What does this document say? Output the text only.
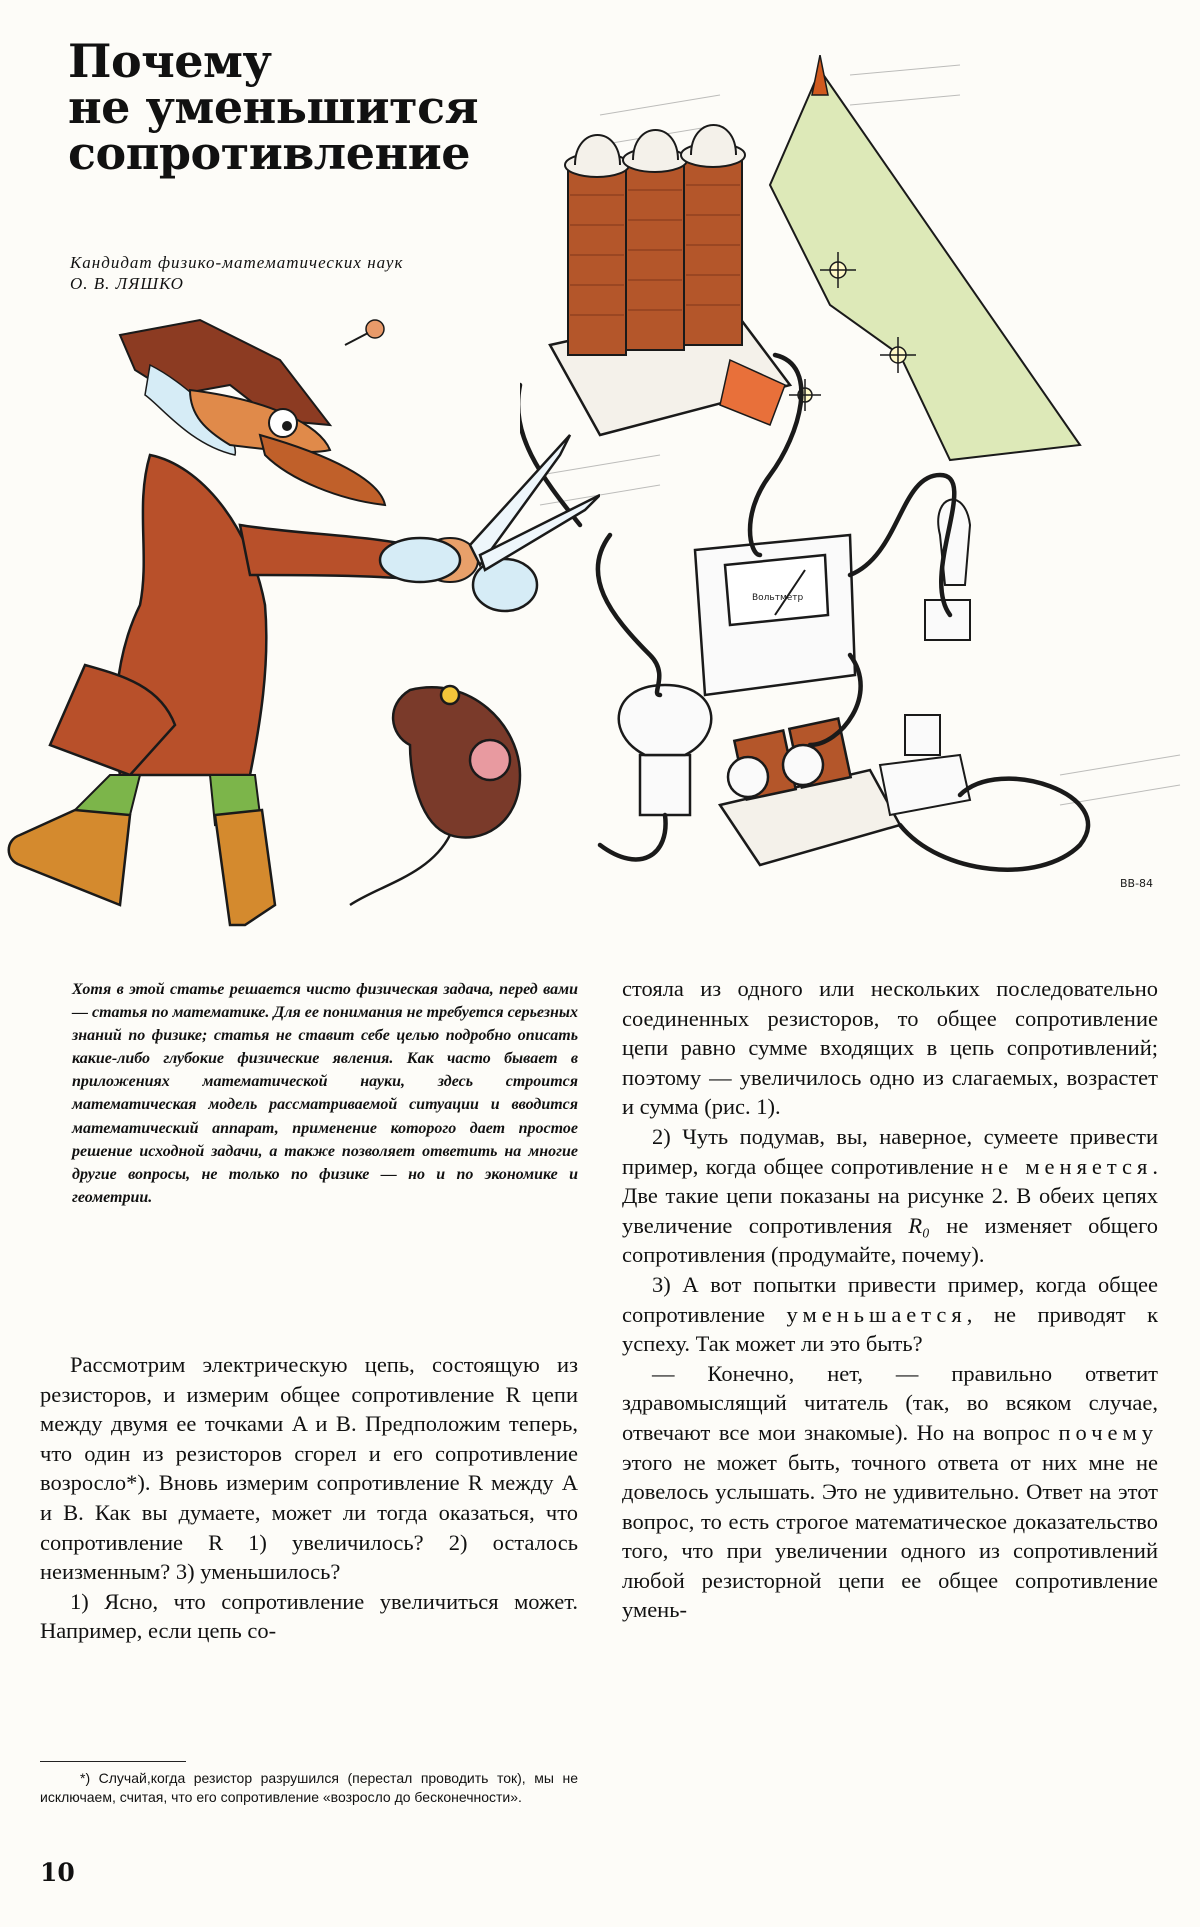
Почему
не уменьшится
сопротивление
Кандидат физико-математических наук
О. В. ЛЯШКО
Вольтметр
ВВ-84

Хотя в этой статье решается чисто физическая задача, перед вами — статья по математике. Для ее понимания не требуется серьезных знаний по физике; статья не ставит себе целью подробно описать какие-либо глубокие физические явления. Как часто бывает в приложениях математической науки, здесь строится математическая модель рассматриваемой ситуации и вводится математический аппарат, применение которого дает простое решение исходной задачи, а также позволяет ответить на многие другие вопросы, не только по физике — но и по экономике и геометрии.

Рассмотрим электрическую цепь, состоящую из резисторов, и измерим общее сопротивление R цепи между двумя ее точками A и B. Предположим теперь, что один из резисторов сгорел и его сопротивление возросло*). Вновь измерим сопротивление R между A и B. Как вы думаете, может ли тогда оказаться, что сопротивление R 1) увеличилось? 2) осталось неизменным? 3) уменьшилось?

1) Ясно, что сопротивление увеличиться может. Например, если цепь со-

стояла из одного или нескольких последовательно соединенных резисторов, то общее сопротивление цепи равно сумме входящих в цепь сопротивлений; поэтому — увеличилось одно из слагаемых, возрастет и сумма (рис. 1).

2) Чуть подумав, вы, наверное, сумеете привести пример, когда общее сопротивление не меняется. Две такие цепи показаны на рисунке 2. В обеих цепях увеличение сопротивления R₀ не изменяет общего сопротивления (продумайте, почему).

3) А вот попытки привести пример, когда общее сопротивление уменьшается, не приводят к успеху. Так может ли это быть?

— Конечно, нет, — правильно ответит здравомыслящий читатель (так, во всяком случае, отвечают все мои знакомые). Но на вопрос почему этого не может быть, точного ответа от них мне не довелось услышать. Это не удивительно. Ответ на этот вопрос, то есть строгое математическое доказательство того, что при увеличении одного из сопротивлений любой резисторной цепи ее общее сопротивление умень-

*) Случай,когда резистор разрушился (перестал проводить ток), мы не исключаем, считая, что его сопротивление «возросло до бесконечности».

10
